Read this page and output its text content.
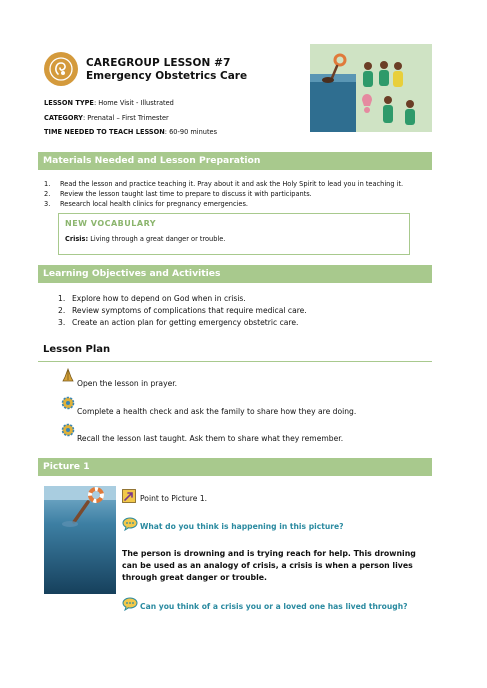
CAREGROUP LESSON #7
Emergency Obstetrics Care
LESSON TYPE: Home Visit - Illustrated
CATEGORY: Prenatal – First Trimester
TIME NEEDED TO TEACH LESSON: 60-90 minutes
Materials Needed and Lesson Preparation
1. Read the lesson and practice teaching it. Pray about it and ask the Holy Spirit to lead you in teaching it.
2. Review the lesson taught last time to prepare to discuss it with participants.
3. Research local health clinics for pregnancy emergencies.
NEW VOCABULARY
Crisis: Living through a great danger or trouble.
Learning Objectives and Activities
1. Explore how to depend on God when in crisis.
2. Review symptoms of complications that require medical care.
3. Create an action plan for getting emergency obstetric care.
Lesson Plan
Open the lesson in prayer.
Complete a health check and ask the family to share how they are doing.
Recall the lesson last taught. Ask them to share what they remember.
Picture 1
Point to Picture 1.
What do you think is happening in this picture?
The person is drowning and is trying reach for help. This drowning can be used as an analogy of crisis, a crisis is when a person lives through great danger or trouble.
Can you think of a crisis you or a loved one has lived through?
